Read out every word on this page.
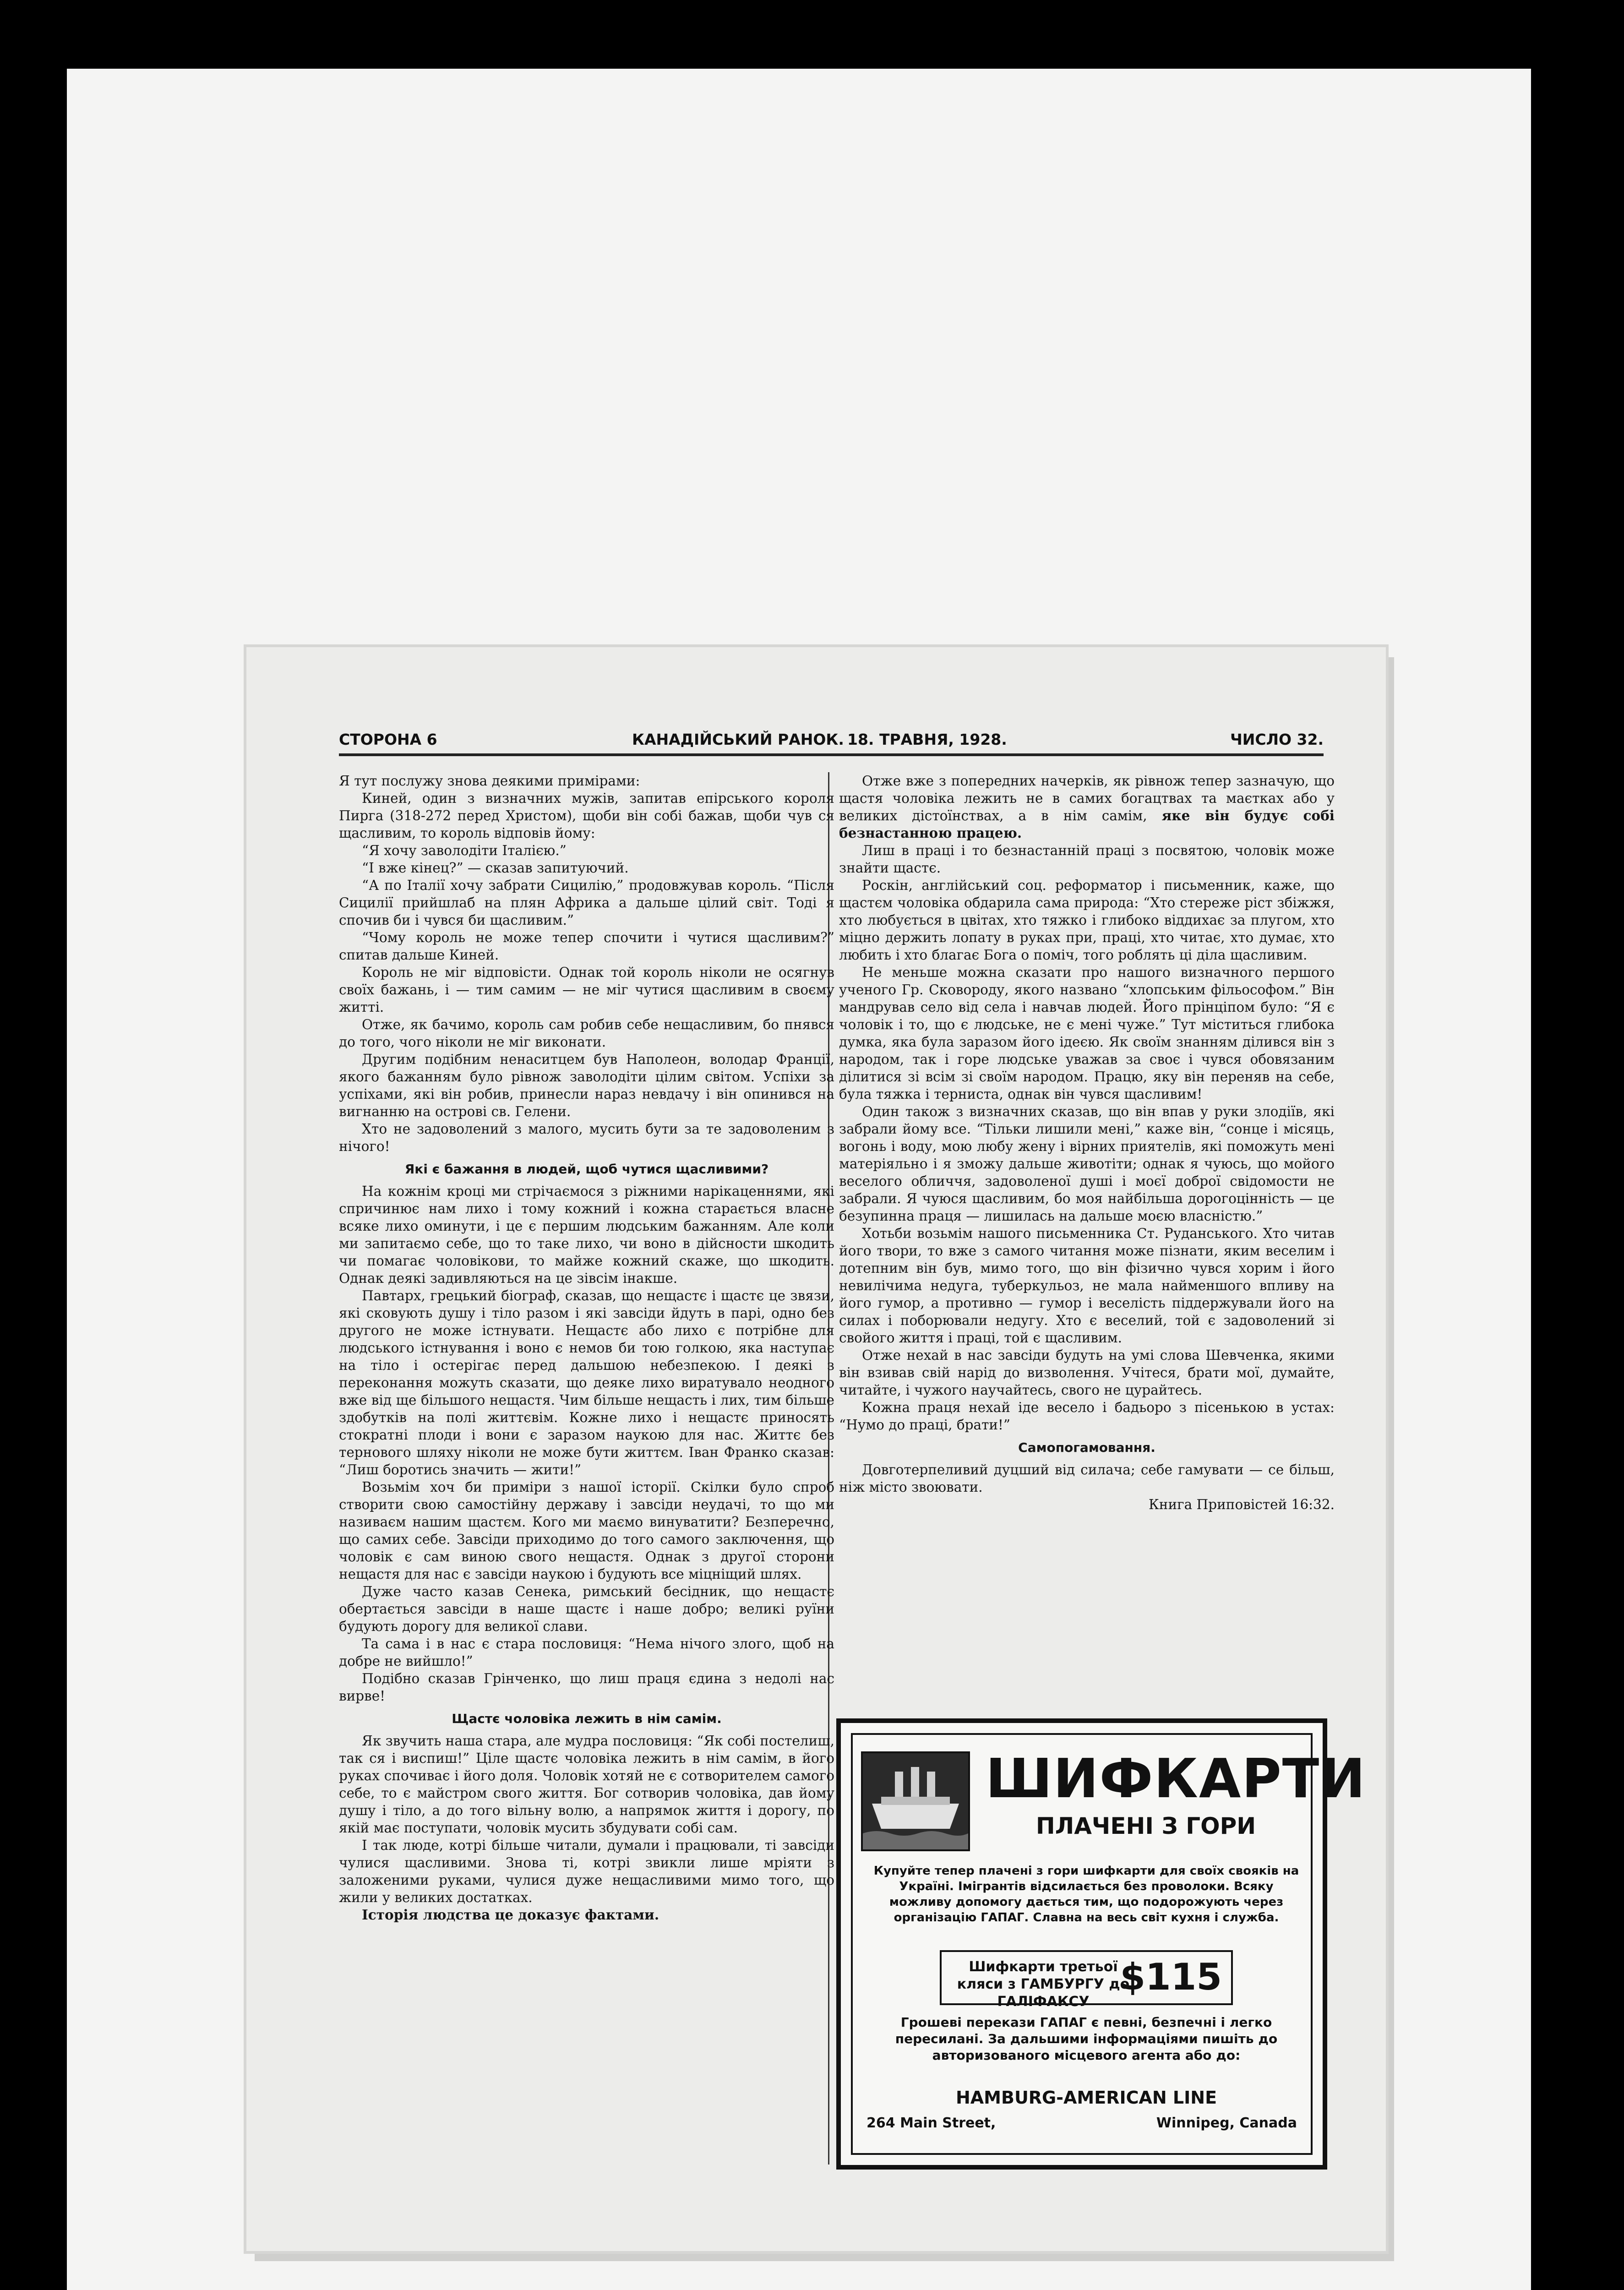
СТОРОНА 6	КАНАДІЙСЬКИЙ РАНОК. 18. ТРАВНЯ, 1928.	ЧИСЛО 32.

Я тут послужу знова деякими примірами:

Киней, один з визначних мужів, запитав епірського короля Пирга (318-272 перед Христом), щоби він собі бажав, щоби чув ся щасливим, то король відповів йому:

“Я хочу заволодіти Італією.”

“І вже кінец?” — сказав запитуючий.

“А по Італії хочу забрати Сицилію,” продовжував король. “Після Сицилії прийшлаб на плян Африка а дальше цілий світ. Тоді я спочив би і чувся би щасливим.”

“Чому король не може тепер спочити і чутися щасливим?” спитав дальше Киней.

Король не міг відповісти. Однак той король ніколи не осягнув своїх бажань, і — тим самим — не міг чутися щасливим в своєму житті.

Отже, як бачимо, король сам робив себе нещасливим, бо пнявся до того, чого ніколи не міг виконати.

Другим подібним ненаситцем був Наполеон, володар Франції, якого бажанням було рівнож заволодіти цілим світом. Успіхи за успіхами, які він робив, принесли нараз невдачу і він опинився на вигнанню на острові св. Гелени.

Хто не задоволений з малого, мусить бути за те задоволеним з нічого!

Які є бажання в людей, щоб чутися щасливими?

На кожнім кроці ми стрічаємося з ріжними нарікаценнями, які спричинює нам лихо і тому кожний і кожна старається власне всяке лихо оминути, і це є першим людським бажанням. Але коли ми запитаємо себе, що то таке лихо, чи воно в дійсности шкодить чи помагає чоловікови, то майже кожний скаже, що шкодить. Однак деякі задивляються на це зівсім інакше.

Павтарх, грецький біограф, сказав, що нещастє і щастє це звязи, які сковують душу і тіло разом і які завсіди йдуть в парі, одно без другого не може істнувати. Нещастє або лихо є потрібне для людського істнування і воно є немов би тою голкою, яка наступає на тіло і остерігає перед дальшою небезпекою. І деякі з переконання можуть сказати, що деяке лихо виратувало неодного вже від ще більшого нещастя. Чим більше нещасть і лих, тим більше здобутків на полі життєвім. Кожне лихо і нещастє приносять стократні плоди і вони є заразом наукою для нас. Життє без тернового шляху ніколи не може бути життєм. Іван Франко сказав: “Лиш боротись значить — жити!”

Возьмім хоч би приміри з нашої історії. Скілки було спроб створити свою самостійну державу і завсіди неудачі, то що ми називаєм нашим щастєм. Кого ми маємо винуватити? Безперечно, що самих себе. Завсіди приходимо до того самого заключення, що чоловік є сам виною свого нещастя. Однак з другої сторони нещастя для нас є завсіди наукою і будують все міцніщий шлях.

Дуже часто казав Сенека, римський бесідник, що нещастє обертається завсіди в наше щастє і наше добро; великі руїни будують дорогу для великої слави.

Та сама і в нас є стара пословиця: “Нема нічого злого, щоб на добре не вийшло!”

Подібно сказав Грінченко, що лиш праця єдина з недолі нас вирве!

Щастє чоловіка лежить в нім самім.

Як звучить наша стара, але мудра пословиця: “Як собі постелиш, так ся і виспиш!” Ціле щастє чоловіка лежить в нім самім, в його руках спочиває і його доля. Чоловік хотяй не є сотворителем самого себе, то є майстром свого життя. Бог сотворив чоловіка, дав йому душу і тіло, а до того вільну волю, а напрямок життя і дорогу, по якій має поступати, чоловік мусить збудувати собі сам.

І так люде, котрі більше читали, думали і працювали, ті завсіди чулися щасливими. Знова ті, котрі звикли лише мріяти з заложеними руками, чулися дуже нещасливими мимо того, що жили у великих достатках.

Історія людства це доказує фактами.

Отже вже з попередних начерків, як рівнож тепер зазначую, що щастя чоловіка лежить не в самих богацтвах та маєтках або у великих дістоїнствах, а в нім самім, яке він будує собі безнастанною працею.

Лиш в праці і то безнастанній праці з посвятою, чоловік може знайти щастє.

Роскін, англійський соц. реформатор і письменник, каже, що щастєм чоловіка обдарила сама природа: “Хто стереже ріст збіжжя, хто любується в цвітах, хто тяжко і глибоко віддихає за плугом, хто міцно держить лопату в руках при, праці, хто читає, хто думає, хто любить і хто благає Бога о поміч, того роблять ці діла щасливим.

Не меньше можна сказати про нашого визначного першого ученого Гр. Сковороду, якого названо “хлопським фільософом.” Він мандрував село від села і навчав людей. Його прінціпом було: “Я є чоловік і то, що є людське, не є мені чуже.” Тут міститься глибока думка, яка була заразом його ідеєю. Як своїм знанням ділився він з народом, так і горе людське уважав за своє і чувся обовязаним ділитися зі всім зі своїм народом. Працю, яку він переняв на себе, була тяжка і терниста, однак він чувся щасливим!

Один також з визначних сказав, що він впав у руки злодіїв, які забрали йому все. “Тільки лишили мені,” каже він, “сонце і місяць, вогонь і воду, мою любу жену і вірних приятелів, які поможуть мені матеріяльно і я зможу дальше животіти; однак я чуюсь, що мойого веселого обличчя, задоволеної душі і моєї доброї свідомости не забрали. Я чуюся щасливим, бо моя найбільша дорогоцінність — це безупинна праця — лишилась на дальше моєю власністю.”

Хотьби возьмім нашого письменника Ст. Руданського. Хто читав його твори, то вже з самого читання може пізнати, яким веселим і дотепним він був, мимо того, що він фізично чувся хорим і його невилічима недуга, туберкульоз, не мала найменшого впливу на його гумор, а противно — гумор і веселість піддержували його на силах і поборювали недугу. Хто є веселий, той є задоволений зі свойого життя і праці, той є щасливим.

Отже нехай в нас завсіди будуть на умі слова Шевченка, якими він взивав свій нарід до визволення. Учітеся, брати мої, думайте, читайте, і чужого научайтесь, свого не цурайтесь.

Кожна праця нехай іде весело і бадьоро з пісенькою в устах: “Нумо до праці, брати!”

Самопогамовання.

Довготерпеливий дуцший від силача; себе гамувати — се більш, ніж місто звоювати.

Книга Приповістей 16:32.

ШИФКАРТИ
ПЛАЧЕНІ З ГОРИ
Купуйте тепер плачені з гори шифкарти для своїх свояків на Україні. Імігрантів відсилається без проволоки. Всяку можливу допомогу дається тим, що подорожують через організацію ГАПАГ. Славна на весь світ кухня і служба.
Шифкарти третьої кляси з ГАМБУРГУ до ГАЛІФАКСУ
$115
Грошеві перекази ГАПАГ є певні, безпечні і легко пересилані. За дальшими інформаціями пишіть до авторизованого місцевого агента або до:
HAMBURG-AMERICAN LINE
264 Main Street,	Winnipeg, Canada
